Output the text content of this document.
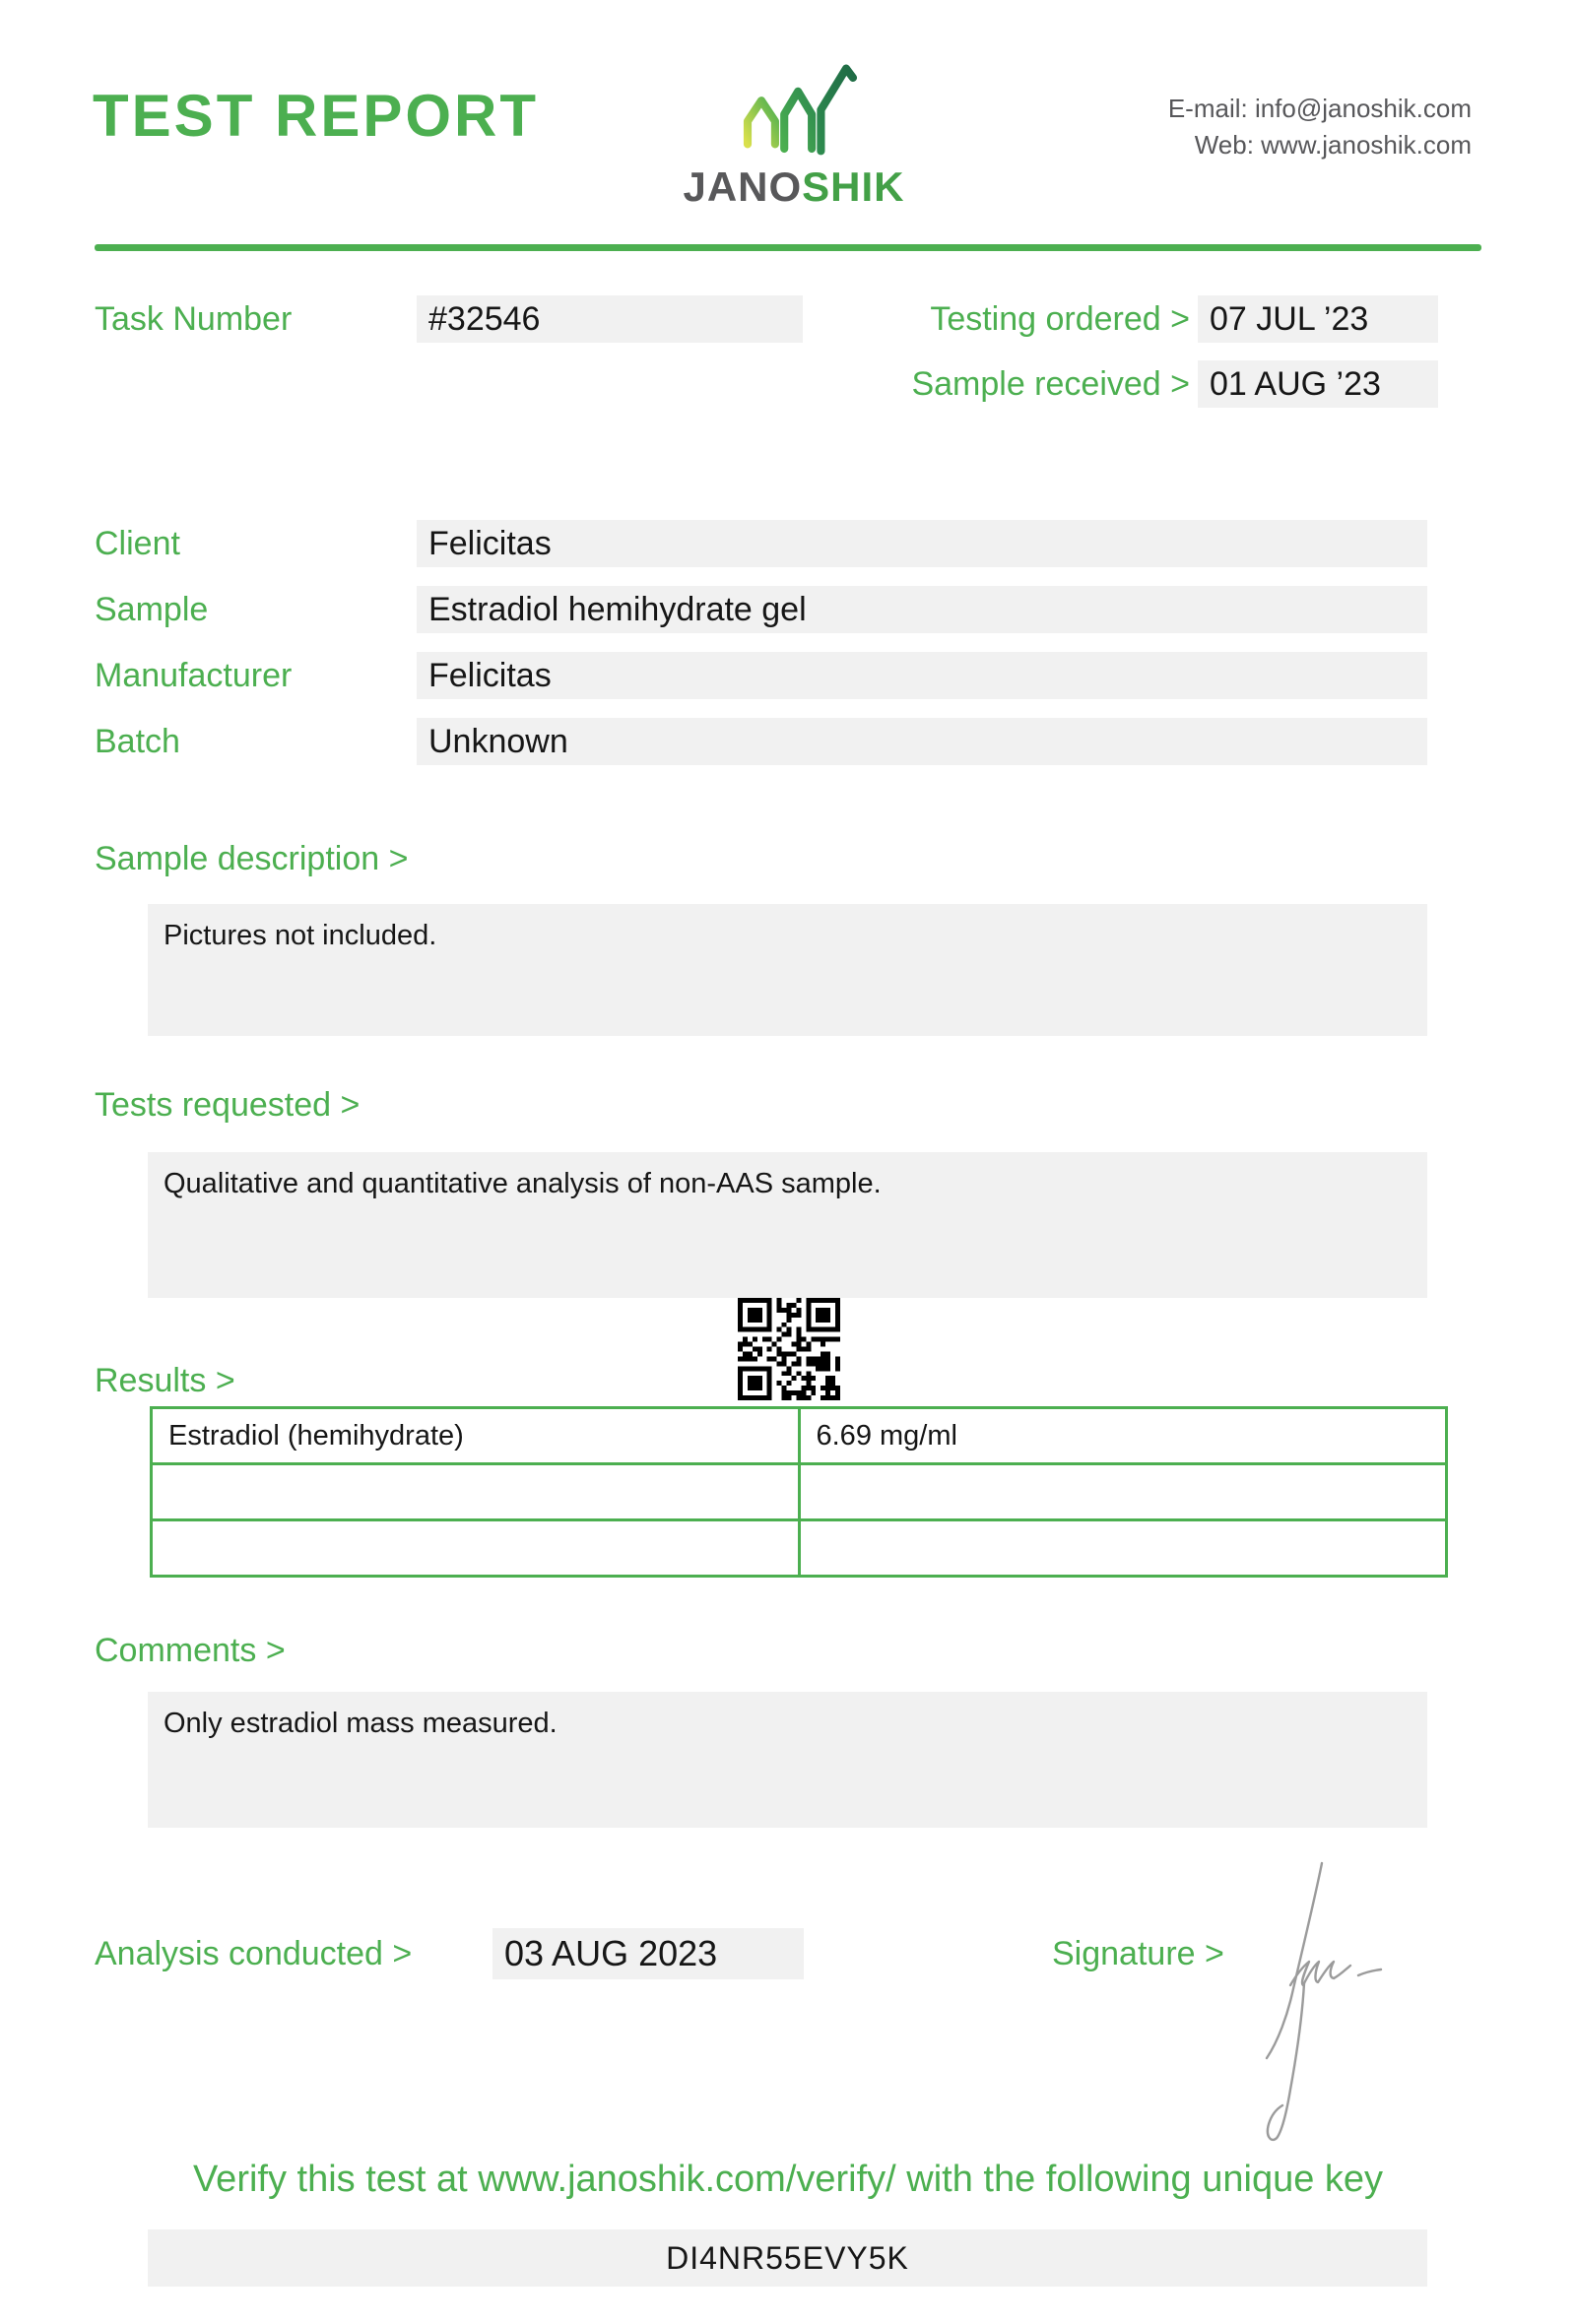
TEST REPORT
JANOSHIK
E-mail: info@janoshik.com
Web: www.janoshik.com
Task Number	#32546	Testing ordered > 07 JUL ’23
Sample received > 01 AUG ’23
Client	Felicitas
Sample	Estradiol hemihydrate gel
Manufacturer	Felicitas
Batch	Unknown
Sample description >
Pictures not included.
Tests requested >
Qualitative and quantitative analysis of non-AAS sample.
Results >
Estradiol (hemihydrate)	6.69 mg/ml

Comments >
Only estradiol mass measured.
Analysis conducted >	03 AUG 2023	Signature >
Verify this test at www.janoshik.com/verify/ with the following unique key
DI4NR55EVY5K
